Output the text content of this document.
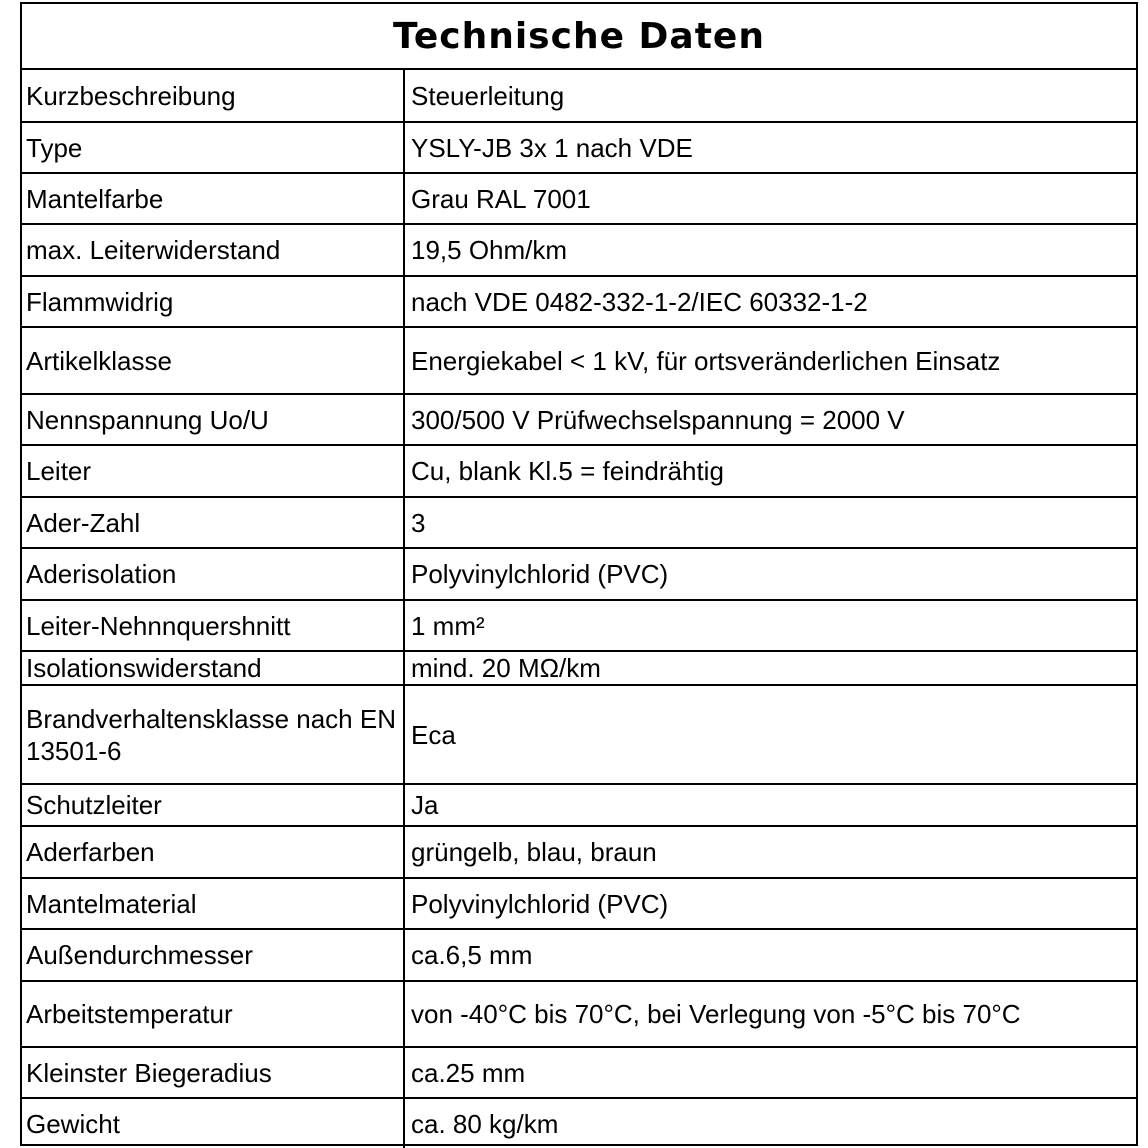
Technische Daten
Kurzbeschreibung	Steuerleitung
Type	YSLY-JB 3x 1 nach VDE
Mantelfarbe	Grau RAL 7001
max. Leiterwiderstand	19,5 Ohm/km
Flammwidrig	nach VDE 0482-332-1-2/IEC 60332-1-2
Artikelklasse	Energiekabel < 1 kV, für ortsveränderlichen Einsatz
Nennspannung Uo/U	300/500 V Prüfwechselspannung = 2000 V
Leiter	Cu, blank Kl.5 = feindrähtig
Ader-Zahl	3
Aderisolation	Polyvinylchlorid (PVC)
Leiter-Nehnnquershnitt	1 mm²
Isolationswiderstand	mind. 20 MΩ/km
Brandverhaltensklasse nach EN 13501-6	Eca
Schutzleiter	Ja
Aderfarben	grüngelb, blau, braun
Mantelmaterial	Polyvinylchlorid (PVC)
Außendurchmesser	ca.6,5 mm
Arbeitstemperatur	von -40°C bis 70°C, bei Verlegung von -5°C bis 70°C
Kleinster Biegeradius	ca.25 mm
Gewicht	ca. 80 kg/km
